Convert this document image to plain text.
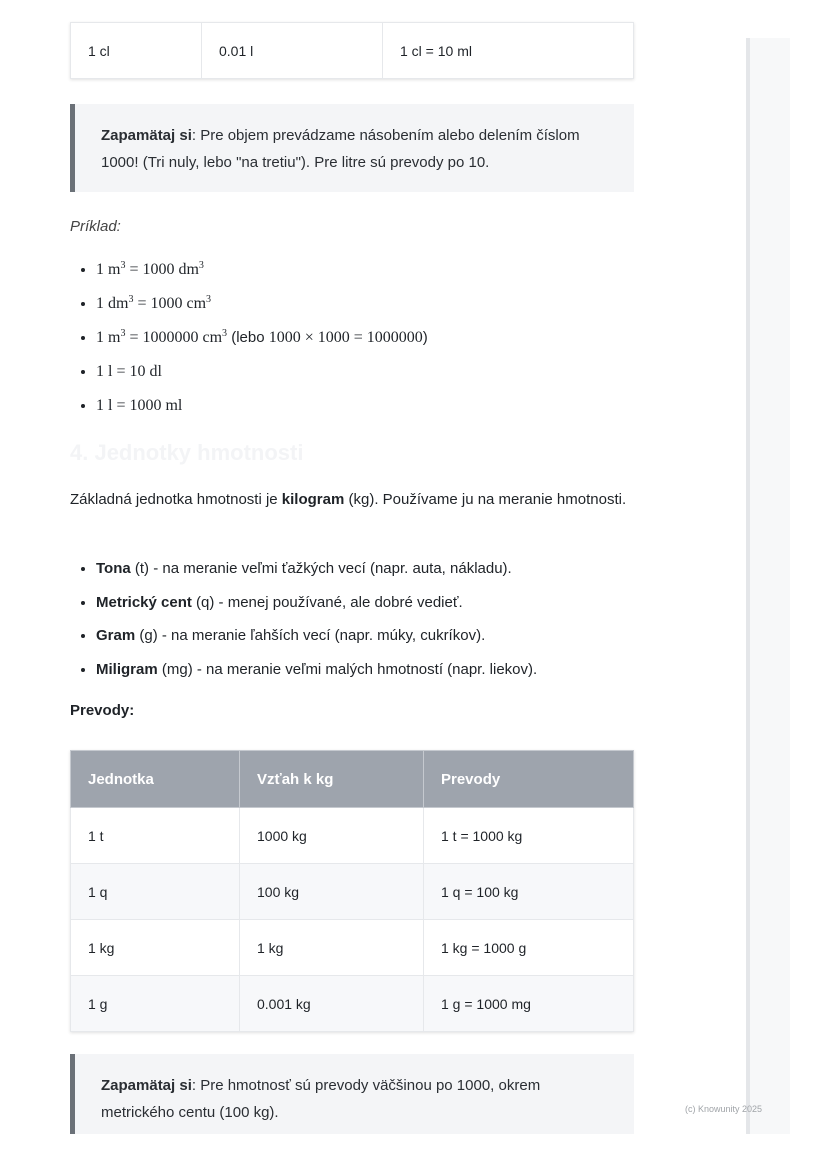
(c) Knowunity 2025
1 cl	0.01 l	1 cl = 10 ml
Zapamätaj si: Pre objem prevádzame násobením alebo delením číslom 1000! (Tri nuly, lebo "na tretiu"). Pre litre sú prevody po 10.
Príklad:
• 1 $m^3 = 1000$ $dm^3$
• 1 $dm^3 = 1000$ $cm^3$
• 1 $m^3 = 1000000$ $cm^3$ (lebo 1000 × 1000 = 1000000)
• 1 l = 10 dl
• 1 l = 1000 ml
4. Jednotky hmotnosti
Základná jednotka hmotnosti je kilogram (kg). Používame ju na meranie hmotnosti.
• Tona (t) - na meranie veľmi ťažkých vecí (napr. auta, nákladu).
• Metrický cent (q) - menej používané, ale dobré vedieť.
• Gram (g) - na meranie ľahších vecí (napr. múky, cukríkov).
• Miligram (mg) - na meranie veľmi malých hmotností (napr. liekov).
Prevody:
Jednotka	Vzťah k kg	Prevody
1 t	1000 kg	1 t = 1000 kg
1 q	100 kg	1 q = 100 kg
1 kg	1 kg	1 kg = 1000 g
1 g	0.001 kg	1 g = 1000 mg
Zapamätaj si: Pre hmotnosť sú prevody väčšinou po 1000, okrem metrického centu (100 kg).
